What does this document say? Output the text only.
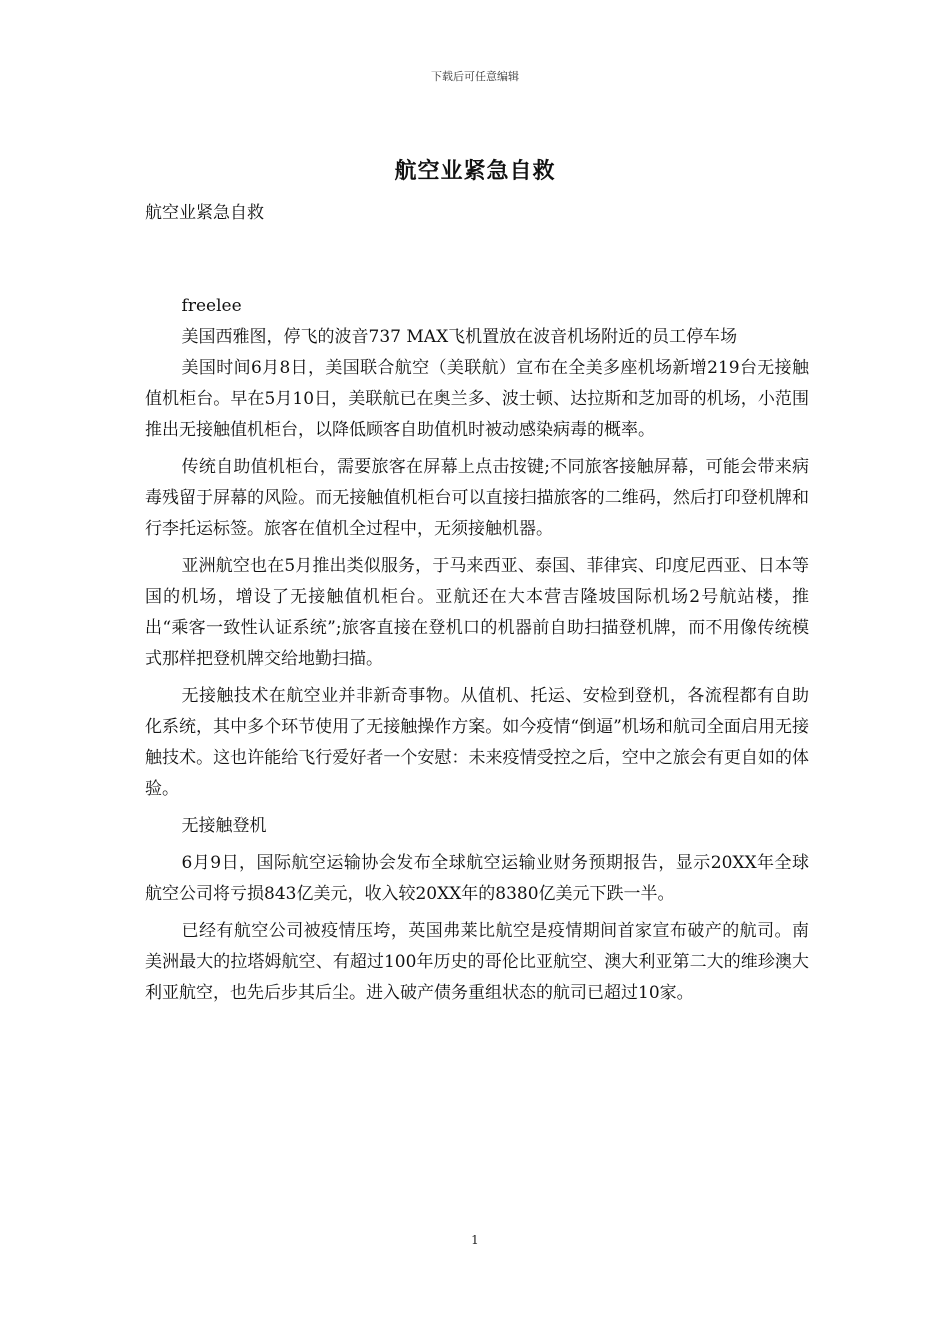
下载后可任意编辑
航空业紧急自救

航空业紧急自救

freelee

美国西雅图，停飞的波音737 MAX飞机置放在波音机场附近的员工停车场

美国时间6月8日，美国联合航空（美联航）宣布在全美多座机场新增219台无接触值机柜台。早在5月10日，美联航已在奥兰多、波士顿、达拉斯和芝加哥的机场，小范围推出无接触值机柜台，以降低顾客自助值机时被动感染病毒的概率。

传统自助值机柜台，需要旅客在屏幕上点击按键;不同旅客接触屏幕，可能会带来病毒残留于屏幕的风险。而无接触值机柜台可以直接扫描旅客的二维码，然后打印登机牌和行李托运标签。旅客在值机全过程中，无须接触机器。

亚洲航空也在5月推出类似服务，于马来西亚、泰国、菲律宾、印度尼西亚、日本等国的机场，增设了无接触值机柜台。亚航还在大本营吉隆坡国际机场2号航站楼，推出“乘客一致性认证系统”;旅客直接在登机口的机器前自助扫描登机牌，而不用像传统模式那样把登机牌交给地勤扫描。

无接触技术在航空业并非新奇事物。从值机、托运、安检到登机，各流程都有自助化系统，其中多个环节使用了无接触操作方案。如今疫情“倒逼”机场和航司全面启用无接触技术。这也许能给飞行爱好者一个安慰：未来疫情受控之后，空中之旅会有更自如的体验。

无接触登机

6月9日，国际航空运输协会发布全球航空运输业财务预期报告，显示20XX年全球航空公司将亏损843亿美元，收入较20XX年的8380亿美元下跌一半。

已经有航空公司被疫情压垮，英国弗莱比航空是疫情期间首家宣布破产的航司。南美洲最大的拉塔姆航空、有超过100年历史的哥伦比亚航空、澳大利亚第二大的维珍澳大利亚航空，也先后步其后尘。进入破产债务重组状态的航司已超过10家。

1
